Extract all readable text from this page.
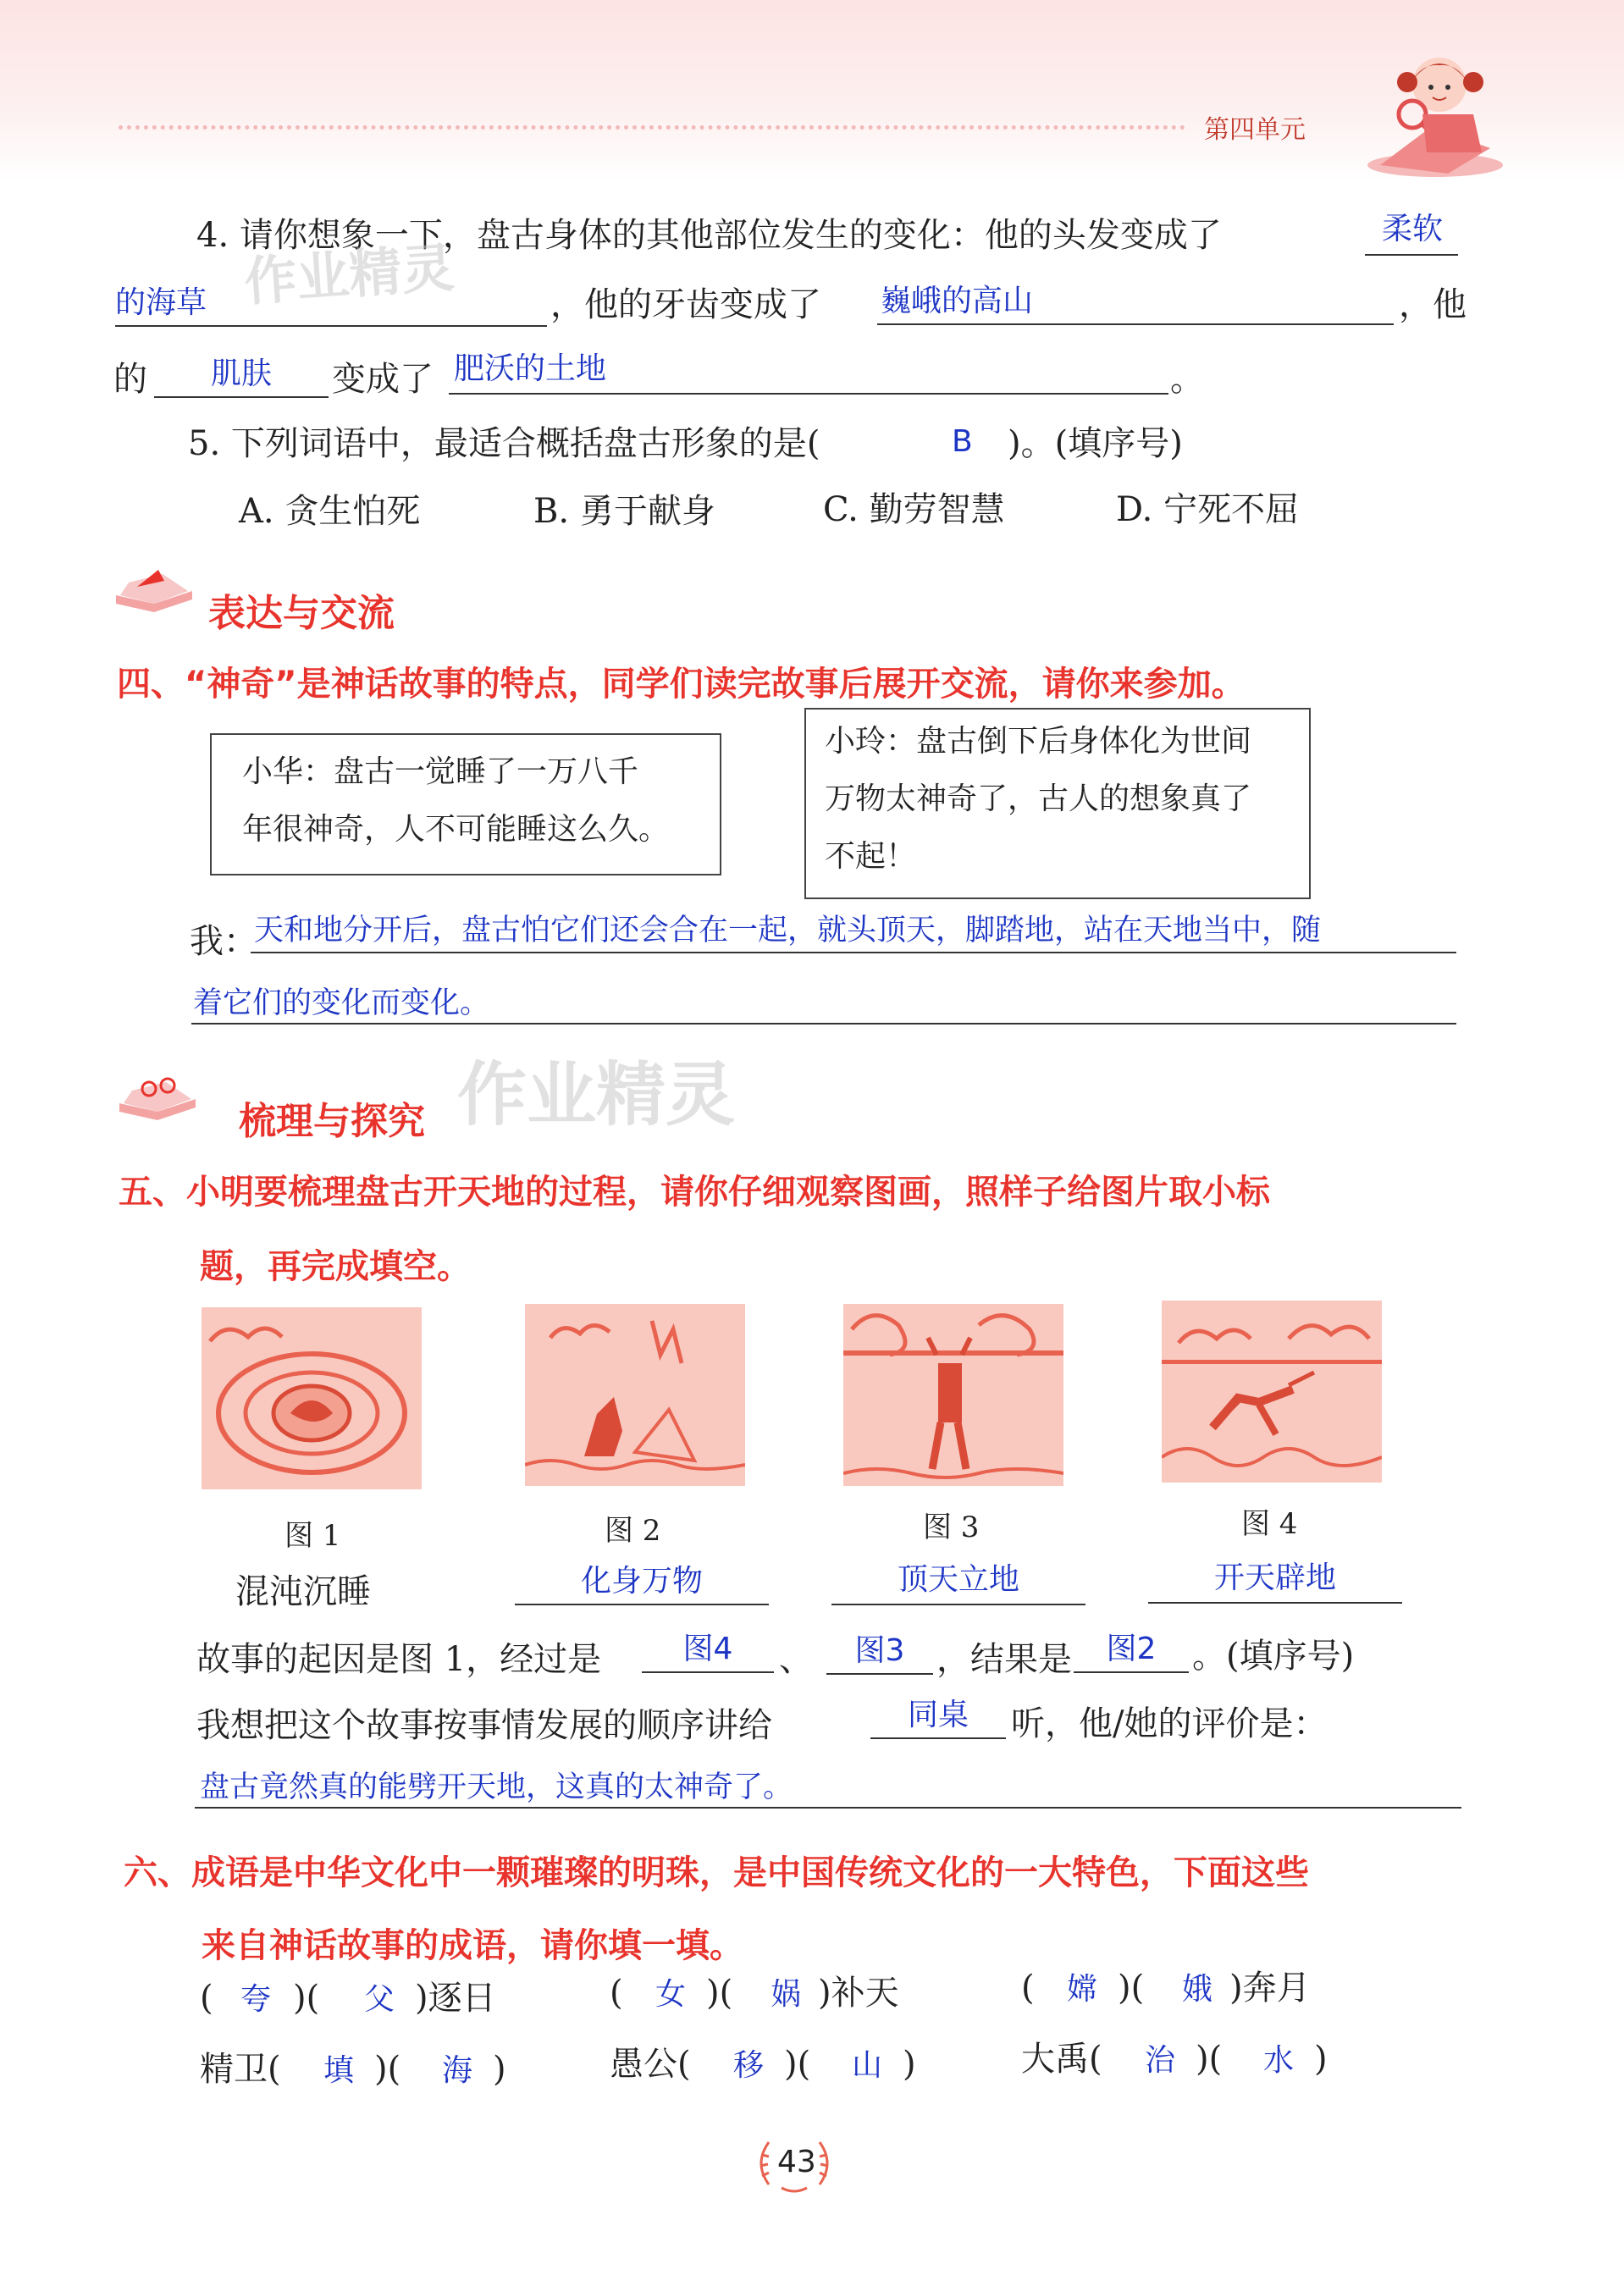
第四单元
4. 请你想象一下，盘古身体的其他部位发生的变化：他的头发变成了	柔软
的海草	，他的牙齿变成了 巍峨的高山	，他
的	肌肤	变成了 肥沃的土地	。
5. 下列词语中，最适合概括盘古形象的是(	B )。(填序号)
A. 贪生怕死	B. 勇于献身	C. 勤劳智慧	D. 宁死不屈
表达与交流
四、“神奇”是神话故事的特点，同学们读完故事后展开交流，请你来参加。
小华：盘古一觉睡了一万八千
年很神奇，人不可能睡这么久。
小玲：盘古倒下后身体化为世间
万物太神奇了，古人的想象真了
不起！
我：
天和地分开后，盘古怕它们还会合在一起，就头顶天，脚踏地，站在天地当中，随
着它们的变化而变化。
梳理与探究
五、小明要梳理盘古开天地的过程，请你仔细观察图画，照样子给图片取小标
题，再完成填空。
图 1	图 2	图 3	图 4
混沌沉睡	化身万物	顶天立地	开天辟地
故事的起因是图 1，经过是	图4	、	图3 ，结果是	图2	。(填序号)
我想把这个故事按事情发展的顺序讲给	同桌	听，他/她的评价是：
盘古竟然真的能劈开天地，这真的太神奇了。
六、成语是中华文化中一颗璀璨的明珠，是中国传统文化的一大特色，下面这些
来自神话故事的成语，请你填一填。
( 夸 )( 父 )逐日	( 女 )( 娲 )补天	( 嫦 )( 娥 )奔月
精卫( 填 )( 海 )	愚公( 移 )( 山 )	大禹( 治 )( 水 )
43
作业精灵
作业精灵
